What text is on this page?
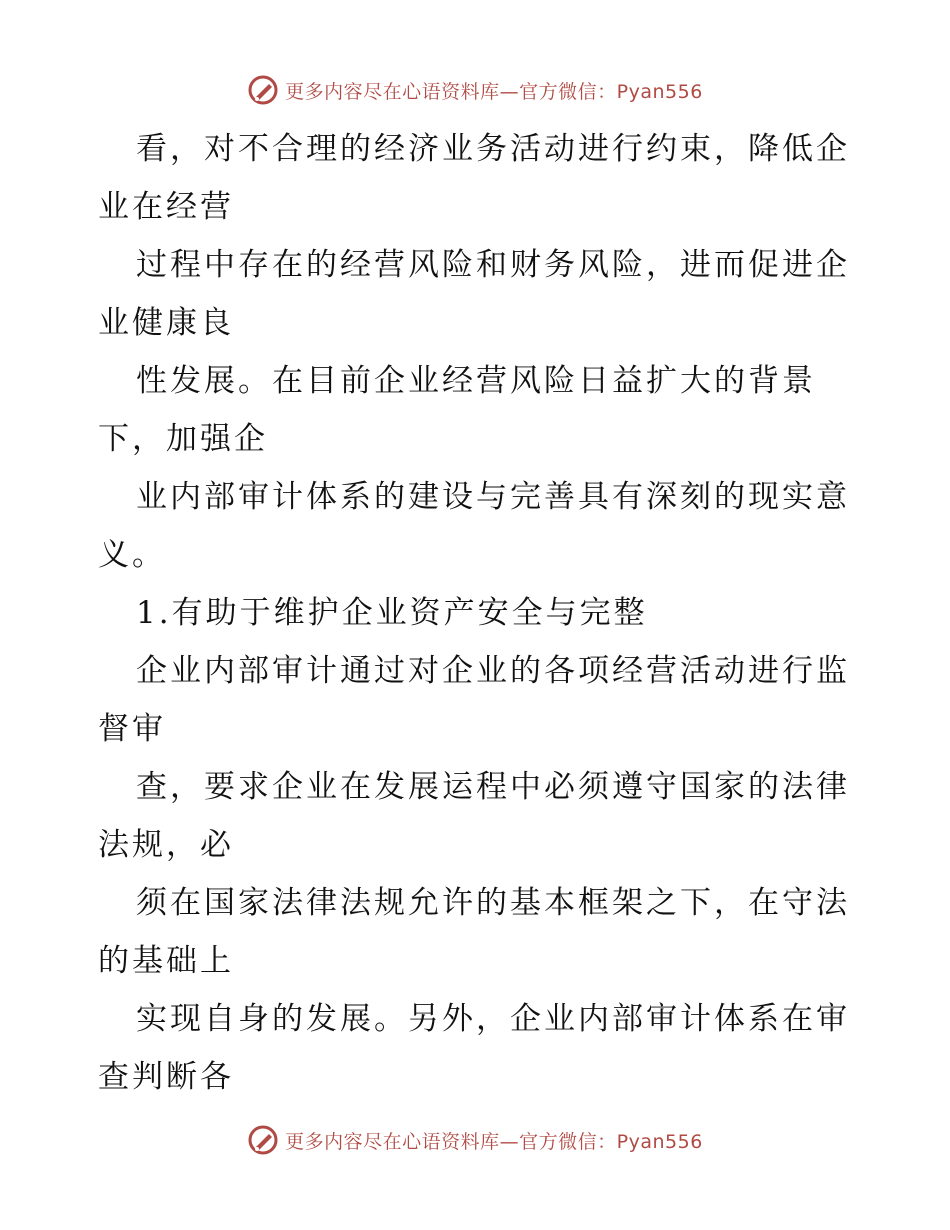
更多内容尽在心语资料库—官方微信：Pyan556
看，对不合理的经济业务活动进行约束，降低企
业在经营
过程中存在的经营风险和财务风险，进而促进企
业健康良
性发展。在目前企业经营风险日益扩大的背景
下，加强企
业内部审计体系的建设与完善具有深刻的现实意
义。
1.有助于维护企业资产安全与完整
企业内部审计通过对企业的各项经营活动进行监
督审
查，要求企业在发展运程中必须遵守国家的法律
法规，必
须在国家法律法规允许的基本框架之下，在守法
的基础上
实现自身的发展。另外，企业内部审计体系在审
查判断各
更多内容尽在心语资料库—官方微信：Pyan556
